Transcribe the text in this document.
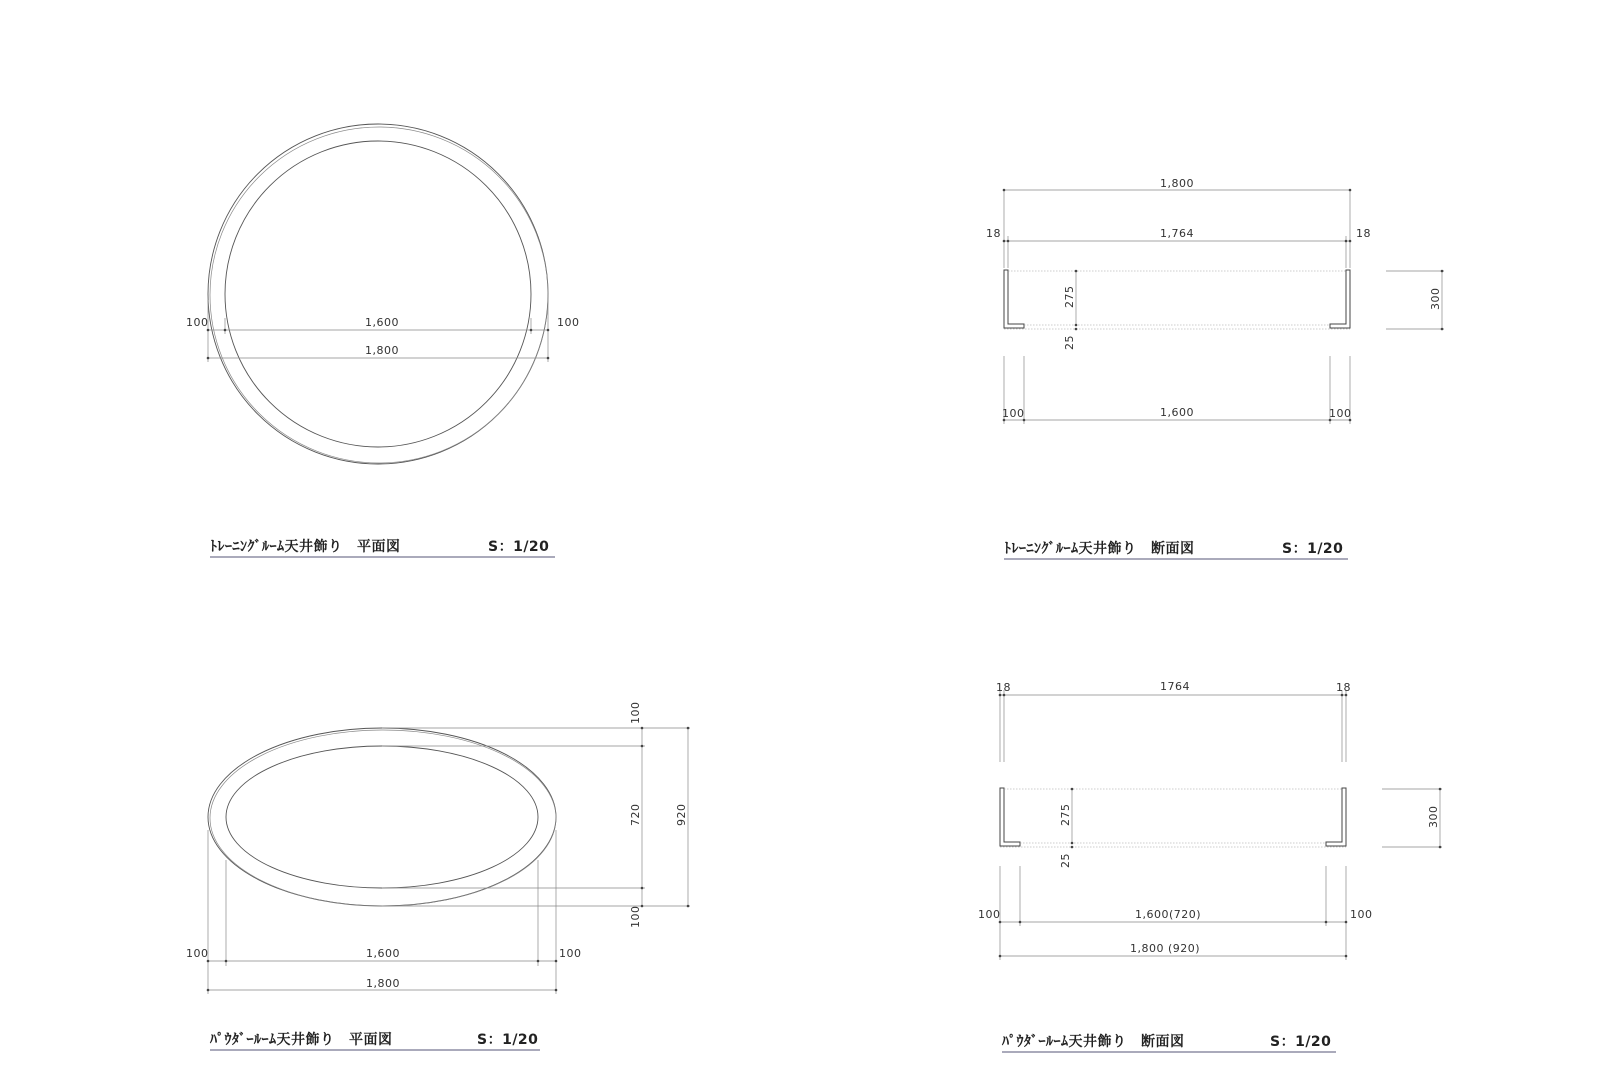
100	1,600	100
1,800
ﾄﾚｰﾆﾝｸﾞﾙｰﾑ天井飾り　平面図	S：1/20
1,800
18	1,764	18
275
25
300
100	1,600	100
ﾄﾚｰﾆﾝｸﾞﾙｰﾑ天井飾り　断面図	S：1/20
100
720	920
100
100	1,600	100
1,800
ﾊﾟｳﾀﾞｰﾙｰﾑ天井飾り　平面図	S：1/20
18	1764	18
275
25
300
100	1,600(720)	100
1,800 (920)
ﾊﾟｳﾀﾞｰﾙｰﾑ天井飾り　断面図	S：1/20
